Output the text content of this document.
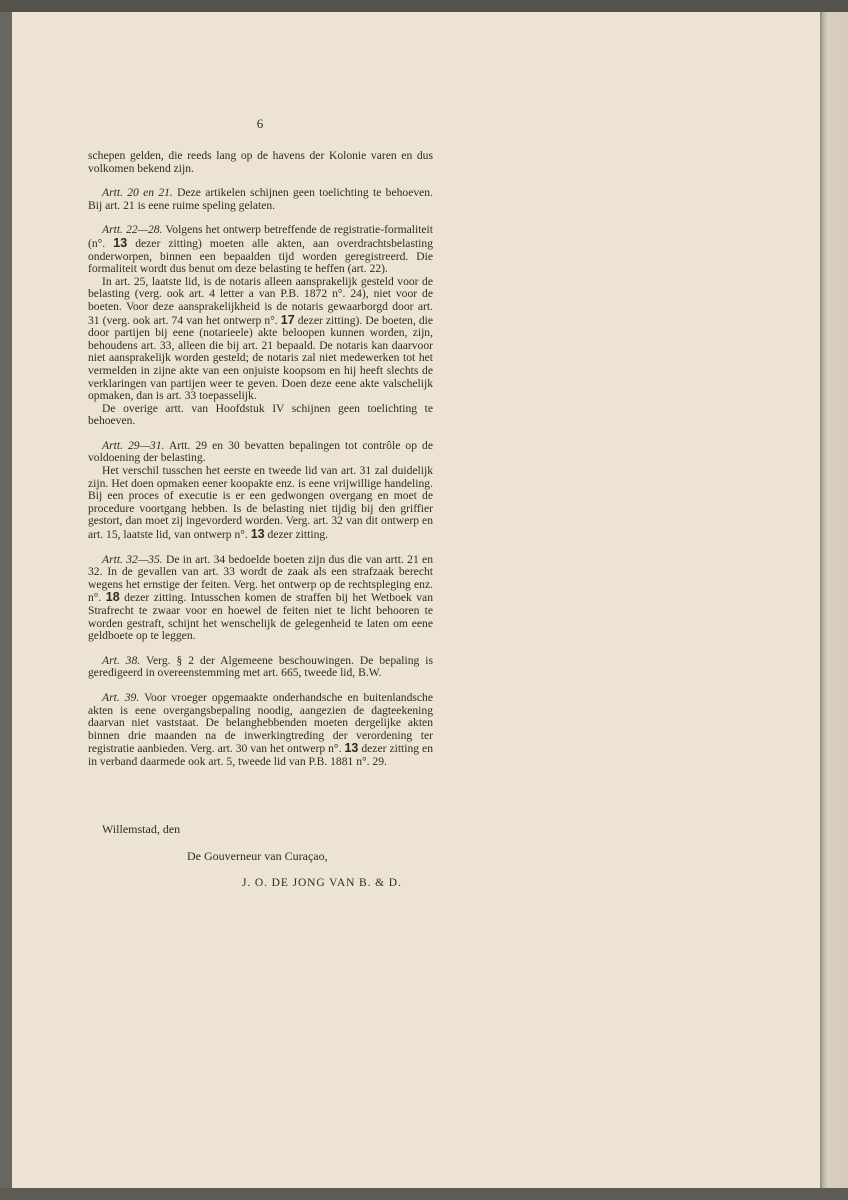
6

schepen gelden, die reeds lang op de havens der Kolonie varen en dus volkomen bekend zijn.

Artt. 20 en 21. Deze artikelen schijnen geen toelichting te behoeven. Bij art. 21 is eene ruime speling gelaten.

Artt. 22—28. Volgens het ontwerp betreffende de registratie-formaliteit (n°. 13 dezer zitting) moeten alle akten, aan overdrachtsbelasting onderworpen, binnen een bepaalden tijd worden geregistreerd. Die formaliteit wordt dus benut om deze belasting te heffen (art. 22).

In art. 25, laatste lid, is de notaris alleen aansprakelijk gesteld voor de belasting (verg. ook art. 4 letter a van P.B. 1872 n°. 24), niet voor de boeten. Voor deze aansprakelijkheid is de notaris gewaarborgd door art. 31 (verg. ook art. 74 van het ontwerp n°. 17 dezer zitting). De boeten, die door partijen bij eene (notarieele) akte beloopen kunnen worden, zijn, behoudens art. 33, alleen die bij art. 21 bepaald. De notaris kan daarvoor niet aansprakelijk worden gesteld; de notaris zal niet medewerken tot het vermelden in zijne akte van een onjuiste koopsom en hij heeft slechts de verklaringen van partijen weer te geven. Doen deze eene akte valschelijk opmaken, dan is art. 33 toepasselijk.

De overige artt. van Hoofdstuk IV schijnen geen toelichting te behoeven.

Artt. 29—31. Artt. 29 en 30 bevatten bepalingen tot contrôle op de voldoening der belasting.

Het verschil tusschen het eerste en tweede lid van art. 31 zal duidelijk zijn. Het doen opmaken eener koopakte enz. is eene vrijwillige handeling. Bij een proces of executie is er een gedwongen overgang en moet de procedure voortgang hebben. Is de belasting niet tijdig bij den griffier gestort, dan moet zij ingevorderd worden. Verg. art. 32 van dit ontwerp en art. 15, laatste lid, van ontwerp n°. 13 dezer zitting.

Artt. 32—35. De in art. 34 bedoelde boeten zijn dus die van artt. 21 en 32. In de gevallen van art. 33 wordt de zaak als een strafzaak berecht wegens het ernstige der feiten. Verg. het ontwerp op de rechtspleging enz. n°. 18 dezer zitting. Intusschen komen de straffen bij het Wetboek van Strafrecht te zwaar voor en hoewel de feiten niet te licht behooren te worden gestraft, schijnt het wenschelijk de gelegenheid te laten om eene geldboete op te leggen.

Art. 38. Verg. § 2 der Algemeene beschouwingen. De bepaling is geredigeerd in overeenstemming met art. 665, tweede lid, B.W.

Art. 39. Voor vroeger opgemaakte onderhandsche en buitenlandsche akten is eene overgangsbepaling noodig, aangezien de dagteekening daarvan niet vaststaat. De belanghebbenden moeten dergelijke akten binnen drie maanden na de inwerkingtreding der verordening ter registratie aanbieden. Verg. art. 30 van het ontwerp n°. 13 dezer zitting en in verband daarmede ook art. 5, tweede lid van P.B. 1881 n°. 29.

Willemstad, den
De Gouverneur van Curaçao,
J. O. DE JONG VAN B. & D.
